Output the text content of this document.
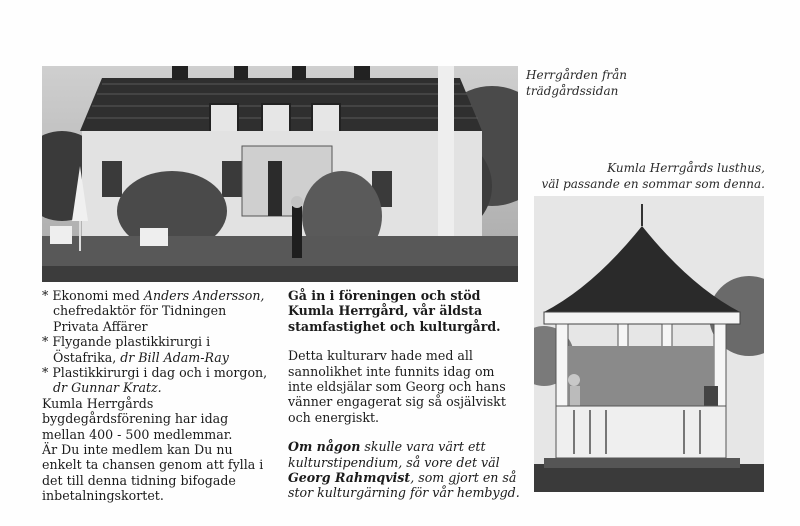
Herrgården från trädgårdssidan
Kumla Herrgårds lusthus,
väl passande en sommar som denna.

* Ekonomi med Anders Andersson, chefredaktör för Tidningen Privata Affärer

* Flygande plastikkirurgi i Östafrika, dr Bill Adam-Ray

* Plastikkirurgi i dag och i morgon, dr Gunnar Kratz.

Kumla Herrgårds bygdegårdsförening har idag mellan 400 - 500 medlemmar.

Är Du inte medlem kan Du nu enkelt ta chansen genom att fylla i det till denna tidning bifogade inbetalningskortet.

Gå in i föreningen och stöd Kumla Herrgård, vår äldsta stamfastighet och kulturgård.

Detta kulturarv hade med all sannolikhet inte funnits idag om inte eldsjälar som Georg och hans vänner engagerat sig så osjälviskt och energiskt.

Om någon skulle vara värt ett kulturstipendium, så vore det väl Georg Rahmqvist, som gjort en så stor kulturgärning för vår hembygd.
